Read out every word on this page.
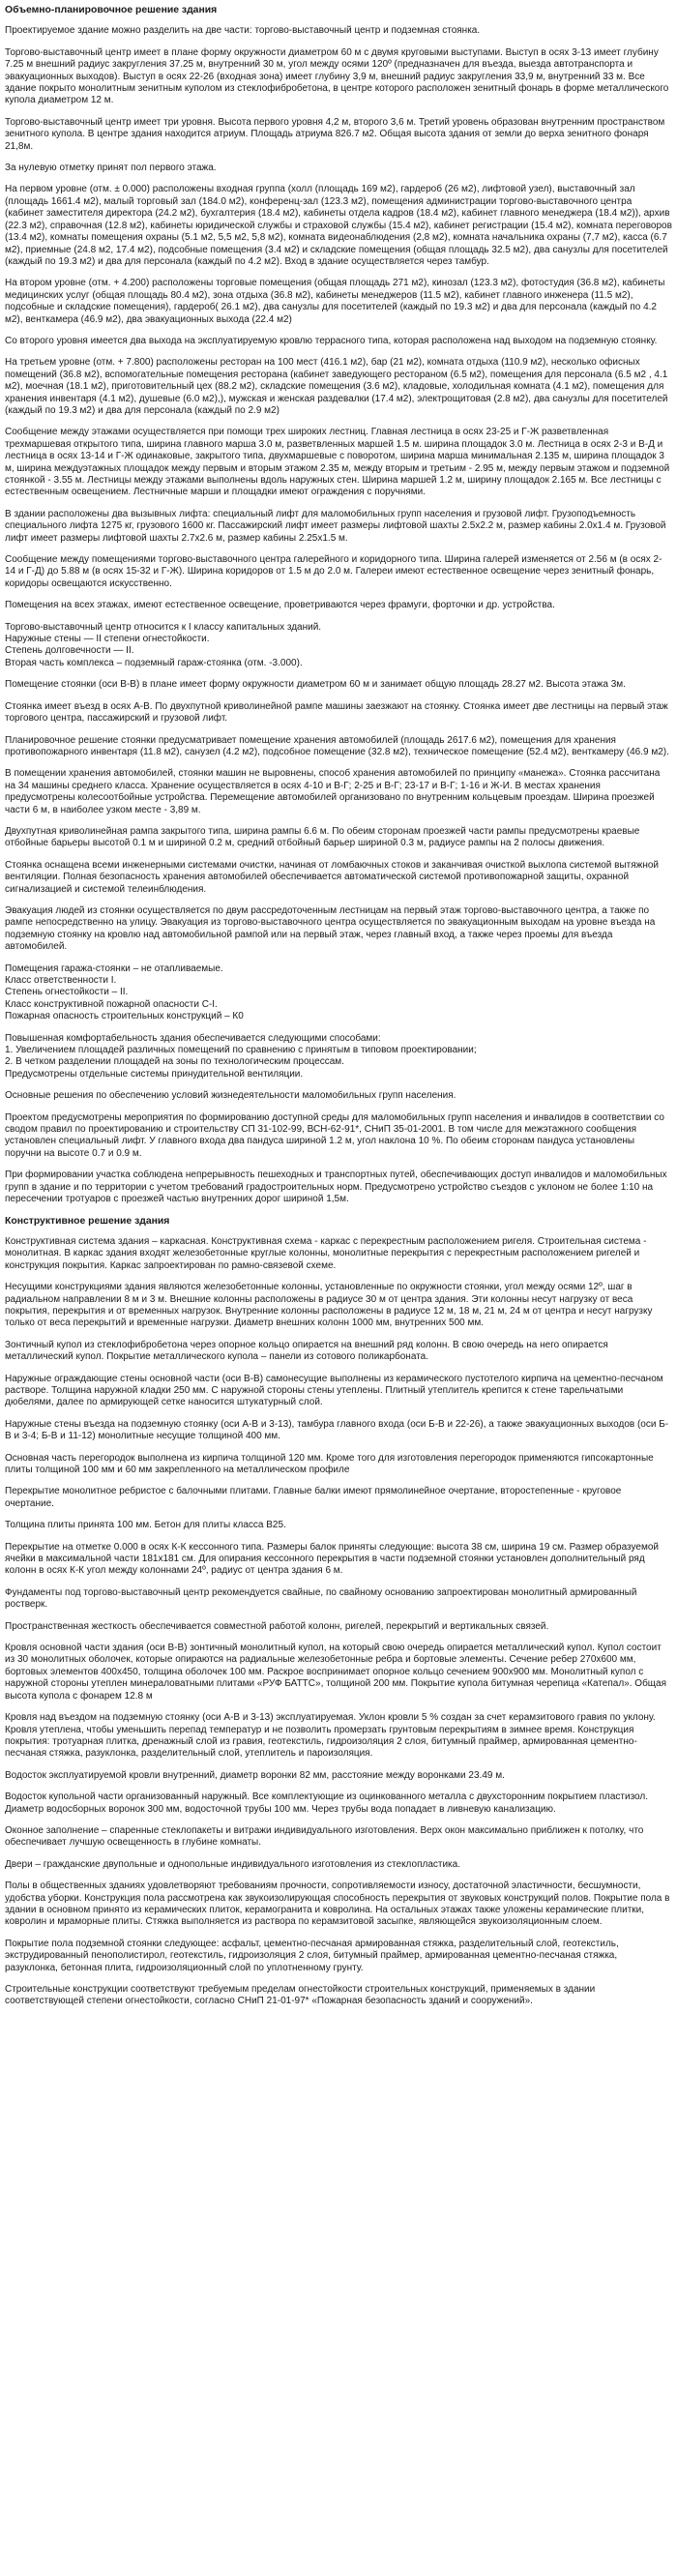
Объемно-планировочное решение здания
Проектируемое здание можно разделить на две части: торгово-выставочный центр и подземная стоянка.
Торгово-выставочный центр имеет в плане форму окружности диаметром 60 м с двумя круговыми выступами. Выступ в осях 3-13 имеет глубину 7.25 м внешний радиус закругления 37.25 м, внутренний 30 м, угол между осями 120º (предназначен для въезда, выезда автотранспорта и эвакуационных выходов). Выступ в осях 22-26 (входная зона) имеет глубину 3,9 м, внешний радиус закругления 33,9 м, внутренний 33 м. Все здание покрыто монолитным зенитным куполом из стеклофибробетона, в центре которого расположен зенитный фонарь в форме металлического купола диаметром 12 м.
Торгово-выставочный центр имеет три уровня. Высота первого уровня 4,2 м, второго 3,6 м. Третий уровень образован внутренним пространством зенитного купола. В центре здания находится атриум. Площадь атриума 826.7 м2. Общая высота здания от земли до верха зенитного фонаря 21,8м.
За нулевую отметку принят пол первого этажа.
На первом уровне (отм. ± 0.000) расположены входная группа (холл (площадь 169 м2), гардероб (26 м2), лифтовой узел), выставочный зал (площадь 1661.4 м2), малый торговый зал (184.0 м2), конференц-зал (123.3 м2), помещения администрации торгово-выставочного центра (кабинет заместителя директора (24.2 м2), бухгалтерия (18.4 м2), кабинеты отдела кадров (18.4 м2), кабинет главного менеджера (18.4 м2)), архив (22.3 м2), справочная (12.8 м2), кабинеты юридической службы и страховой службы (15.4 м2), кабинет регистрации (15.4 м2), комната переговоров (13.4 м2), комнаты помещения охраны (5.1 м2, 5,5 м2, 5,8 м2), комната видеонаблюдения (2,8 м2), комната начальника охраны (7,7 м2), касса (6.7 м2), приемные (24.8 м2, 17.4 м2), подсобные помещения (3.4 м2) и складские помещения (общая площадь 32.5 м2), два санузлы для посетителей (каждый по 19.3 м2) и два для персонала (каждый по 4.2 м2). Вход в здание осуществляется через тамбур.
На втором уровне (отм. + 4.200) расположены торговые помещения (общая площадь 271 м2), кинозал (123.3 м2), фотостудия (36.8 м2), кабинеты медицинских услуг (общая площадь 80.4 м2), зона отдыха (36.8 м2), кабинеты менеджеров (11.5 м2), кабинет главного инженера (11.5 м2), подсобные и складские помещения), гардероб( 26.1 м2), два санузлы для посетителей (каждый по 19.3 м2) и два для персонала (каждый по 4.2 м2), венткамера (46.9 м2), два эвакуационных выхода (22.4 м2)
Со второго уровня имеется два выхода на эксплуатируемую кровлю террасного типа, которая расположена над выходом на подземную стоянку.
На третьем уровне (отм. + 7.800) расположены ресторан на 100 мест (416.1 м2), бар (21 м2), комната отдыха (110.9 м2), несколько офисных помещений (36.8 м2), вспомогательные помещения ресторана (кабинет заведующего рестораном (6.5 м2), помещения для персонала (6.5 м2 , 4.1 м2), моечная (18.1 м2), приготовительный цех (88.2 м2), складские помещения (3.6 м2), кладовые, холодильная комната (4.1 м2), помещения для хранения инвентаря (4.1 м2), душевые (6.0 м2),), мужская и женская раздевалки (17.4 м2), электрощитовая (2.8 м2), два санузлы для посетителей (каждый по 19.3 м2) и два для персонала (каждый по 2.9 м2)
Сообщение между этажами осуществляется при помощи трех широких лестниц. Главная лестница в осях 23-25 и Г-Ж разветвленная трехмаршевая открытого типа, ширина главного марша 3.0 м, разветвленных маршей 1.5 м. ширина площадок 3.0 м. Лестница в осях 2-3 и В-Д и лестница в осях 13-14 и Г-Ж одинаковые, закрытого типа, двухмаршевые с поворотом, ширина марша минимальная 2.135 м, ширина площадок 3 м, ширина междуэтажных площадок между первым и вторым этажом 2.35 м, между вторым и третьим - 2.95 м, между первым этажом и подземной стоянкой - 3.55 м. Лестницы между этажами выполнены вдоль наружных стен. Ширина маршей 1.2 м, ширину площадок 2.165 м. Все лестницы с естественным освещением. Лестничные марши и площадки имеют ограждения с поручнями.
В здании расположены два вызывных лифта: специальный лифт для маломобильных групп населения и грузовой лифт. Грузоподъемность специального лифта 1275 кг, грузового 1600 кг. Пассажирский лифт имеет размеры лифтовой шахты 2.5х2.2 м, размер кабины 2.0х1.4 м. Грузовой лифт имеет размеры лифтовой шахты 2.7х2.6 м, размер кабины 2.25х1.5 м.
Сообщение между помещениями торгово-выставочного центра галерейного и коридорного типа. Ширина галерей изменяется от 2.56 м (в осях 2-14 и Г-Д) до 5.88 м (в осях 15-32 и Г-Ж). Ширина коридоров от 1.5 м до 2.0 м. Галереи имеют естественное освещение через зенитный фонарь, коридоры освещаются искусственно.
Помещения на всех этажах, имеют естественное освещение, проветриваются через фрамуги, форточки и др. устройства.
Торгово-выставочный центр относится к I классу капитальных зданий.
Наружные стены — II степени огнестойкости.
Степень долговечности — II.
Вторая часть комплекса – подземный гараж-стоянка (отм. -3.000).
Помещение стоянки (оси В-В) в плане имеет форму окружности диаметром 60 м и занимает общую площадь 28.27 м2. Высота этажа 3м.
Стоянка имеет въезд в осях А-В. По двухпутной криволинейной рампе машины заезжают на стоянку. Стоянка имеет две лестницы на первый этаж торгового центра, пассажирский и грузовой лифт.
Планировочное решение стоянки предусматривает помещение хранения автомобилей (площадь 2617.6 м2), помещения для хранения противопожарного инвентаря (11.8 м2), санузел (4.2 м2), подсобное помещение (32.8 м2), техническое помещение (52.4 м2), венткамеру (46.9 м2).
В помещении хранения автомобилей, стоянки машин не выровнены, способ хранения автомобилей по принципу «манежа». Стоянка рассчитана на 34 машины среднего класса. Хранение осуществляется в осях 4-10 и В-Г; 2-25 и В-Г; 23-17 и В-Г; 1-16 и Ж-И. В местах хранения предусмотрены колесоотбойные устройства. Перемещение автомобилей организовано по внутренним кольцевым проездам. Ширина проезжей части 6 м, в наиболее узком месте - 3,89 м.
Двухпутная криволинейная рампа закрытого типа, ширина рампы 6.6 м. По обеим сторонам проезжей части рампы предусмотрены краевые отбойные барьеры высотой 0.1 м и шириной 0.2 м, средний отбойный барьер шириной 0.3 м, радиусе рампы на 2 полосы движения.
Стоянка оснащена всеми инженерными системами очистки, начиная от ломбаючных стоков и заканчивая очисткой выхлопа системой вытяжной вентиляции. Полная безопасность хранения автомобилей обеспечивается автоматической системой противопожарной защиты, охранной сигнализацией и системой телеинблюдения.
Эвакуация людей из стоянки осуществляется по двум рассредоточенным лестницам на первый этаж торгово-выставочного центра, а также по рампе непосредственно на улицу. Эвакуация из торгово-выставочного центра осуществляется по эвакуационным выходам на уровне въезда на подземную стоянку на кровлю над автомобильной рампой или на первый этаж, через главный вход, а также через проемы для въезда автомобилей.
Помещения гаража-стоянки – не отапливаемые.
Класс ответственности I.
Степень огнестойкости – II.
Класс конструктивной пожарной опасности С-I.
Пожарная опасность строительных конструкций – К0
Повышенная комфортабельность здания обеспечивается следующими способами:
1. Увеличением площадей различных помещений по сравнению с принятым в типовом проектировании;
2. В четком разделении площадей на зоны по технологическим процессам.
Предусмотрены отдельные системы принудительной вентиляции.
Основные решения по обеспечению условий жизнедеятельности маломобильных групп населения.
Проектом предусмотрены мероприятия по формированию доступной среды для маломобильных групп населения и инвалидов в соответствии со сводом правил по проектированию и строительству СП 31-102-99, ВСН-62-91*, СНиП 35-01-2001. В том числе для межэтажного сообщения установлен специальный лифт. У главного входа два пандуса шириной 1.2 м, угол наклона 10 %. По обеим сторонам пандуса установлены поручни на высоте 0.7 и 0.9 м.
При формировании участка соблюдена непрерывность пешеходных и транспортных путей, обеспечивающих доступ инвалидов и маломобильных групп в здание и по территории с учетом требований градостроительных норм. Предусмотрено устройство съездов с уклоном не более 1:10 на пересечении тротуаров с проезжей частью внутренних дорог шириной 1,5м.
Конструктивное решение здания
Конструктивная система здания – каркасная. Конструктивная схема - каркас с перекрестным расположением ригеля. Строительная система - монолитная. В каркас здания входят железобетонные круглые колонны, монолитные перекрытия с перекрестным расположением ригелей и конструкция покрытия. Каркас запроектирован по рамно-связевой схеме.
Несущими конструкциями здания являются железобетонные колонны, установленные по окружности стоянки, угол между осями 12º, шаг в радиальном направлении 8 м и 3 м. Внешние колонны расположены в радиусе 30 м от центра здания. Эти колонны несут нагрузку от веса покрытия, перекрытия и от временных нагрузок. Внутренние колонны расположены в радиусе 12 м, 18 м, 21 м, 24 м от центра и несут нагрузку только от веса перекрытий и временные нагрузки. Диаметр внешних колонн 1000 мм, внутренних 500 мм.
Зонтичный купол из стеклофибробетона через опорное кольцо опирается на внешний ряд колонн. В свою очередь на него опирается металлический купол. Покрытие металлического купола – панели из сотового поликарбоната.
Наружные ограждающие стены основной части (оси В-В) самонесущие выполнены из керамического пустотелого кирпича на цементно-песчаном растворе. Толщина наружной кладки 250 мм. С наружной стороны стены утеплены. Плитный утеплитель крепится к стене тарельчатыми дюбелями, далее по армирующей сетке наносится штукатурный слой.
Наружные стены въезда на подземную стоянку (оси А-В и 3-13), тамбура главного входа (оси Б-В и 22-26), а также эвакуационных выходов (оси Б-В и 3-4; Б-В и 11-12) монолитные несущие толщиной 400 мм.
Основная часть перегородок выполнена из кирпича толщиной 120 мм. Кроме того для изготовления перегородок применяются гипсокартонные плиты толщиной 100 мм и 60 мм закрепленного на металлическом профиле
Перекрытие монолитное ребристое с балочными плитами. Главные балки имеют прямолинейное очертание, второстепенные - круговое очертание.
Толщина плиты принята 100 мм. Бетон для плиты класса В25.
Перекрытие на отметке 0.000 в осях К-К кессонного типа. Размеры балок приняты следующие: высота 38 см, ширина 19 см. Размер образуемой ячейки в максимальной части 181х181 см. Для опирания кессонного перекрытия в части подземной стоянки установлен дополнительный ряд колонн в осях К-К угол между колоннами 24º, радиус от центра здания 6 м.
Фундаменты под торгово-выставочный центр рекомендуется свайные, по свайному основанию запроектирован монолитный армированный ростверк.
Пространственная жесткость обеспечивается совместной работой колонн, ригелей, перекрытий и вертикальных связей.
Кровля основной части здания (оси В-В) зонтичный монолитный купол, на который свою очередь опирается металлический купол. Купол состоит из 30 монолитных оболочек, которые опираются на радиальные железобетонные ребра и бортовые элементы. Сечение ребер 270х600 мм, бортовых элементов 400х450, толщина оболочек 100 мм. Раскрое воспринимает опорное кольцо сечением 900х900 мм. Монолитный купол с наружной стороны утеплен минераловатными плитами «РУФ БАТТС», толщиной 200 мм. Покрытие купола битумная черепица «Катепал». Общая высота купола с фонарем 12.8 м
Кровля над въездом на подземную стоянку (оси А-В и 3-13) эксплуатируемая. Уклон кровли 5 % создан за счет керамзитового гравия по уклону. Кровля утеплена, чтобы уменьшить перепад температур и не позволить промерзать грунтовым перекрытиям в зимнее время. Конструкция покрытия: тротуарная плитка, дренажный слой из гравия, геотекстиль, гидроизоляция 2 слоя, битумный праймер, армированная цементно-песчаная стяжка, разуклонка, разделительный слой, утеплитель и пароизоляция.
Водосток эксплуатируемой кровли внутренний, диаметр воронки 82 мм, расстояние между воронками 23.49 м.
Водосток купольной части организованный наружный. Все комплектующие из оцинкованного металла с двухсторонним покрытием пластизол. Диаметр водосборных воронок 300 мм, водосточной трубы 100 мм. Через трубы вода попадает в ливневую канализацию.
Оконное заполнение – спаренные стеклопакеты и витражи индивидуального изготовления. Верх окон максимально приближен к потолку, что обеспечивает лучшую освещенность в глубине комнаты.
Двери – гражданские двупольные и однопольные индивидуального изготовления из стеклопластика.
Полы в общественных зданиях удовлетворяют требованиям прочности, сопротивляемости износу, достаточной эластичности, бесшумности, удобства уборки. Конструкция пола рассмотрена как звукоизолирующая способность перекрытия от звуковых конструкций полов. Покрытие пола в здании в основном принято из керамических плиток, керамогранита и ковролина. На остальных этажах также уложены керамические плитки, ковролин и мраморные плиты. Стяжка выполняется из раствора по керамзитовой засыпке, являющейся звукоизоляционным слоем.
Покрытие пола подземной стоянки следующее: асфальт, цементно-песчаная армированная стяжка, разделительный слой, геотекстиль, экструдированный пенополистирол, геотекстиль, гидроизоляция 2 слоя, битумный праймер, армированная цементно-песчаная стяжка, разуклонка, бетонная плита, гидроизоляционный слой по уплотненному грунту.
Строительные конструкции соответствуют требуемым пределам огнестойкости строительных конструкций, применяемых в здании соответствующей степени огнестойкости, согласно СНиП 21-01-97* «Пожарная безопасность зданий и сооружений».
